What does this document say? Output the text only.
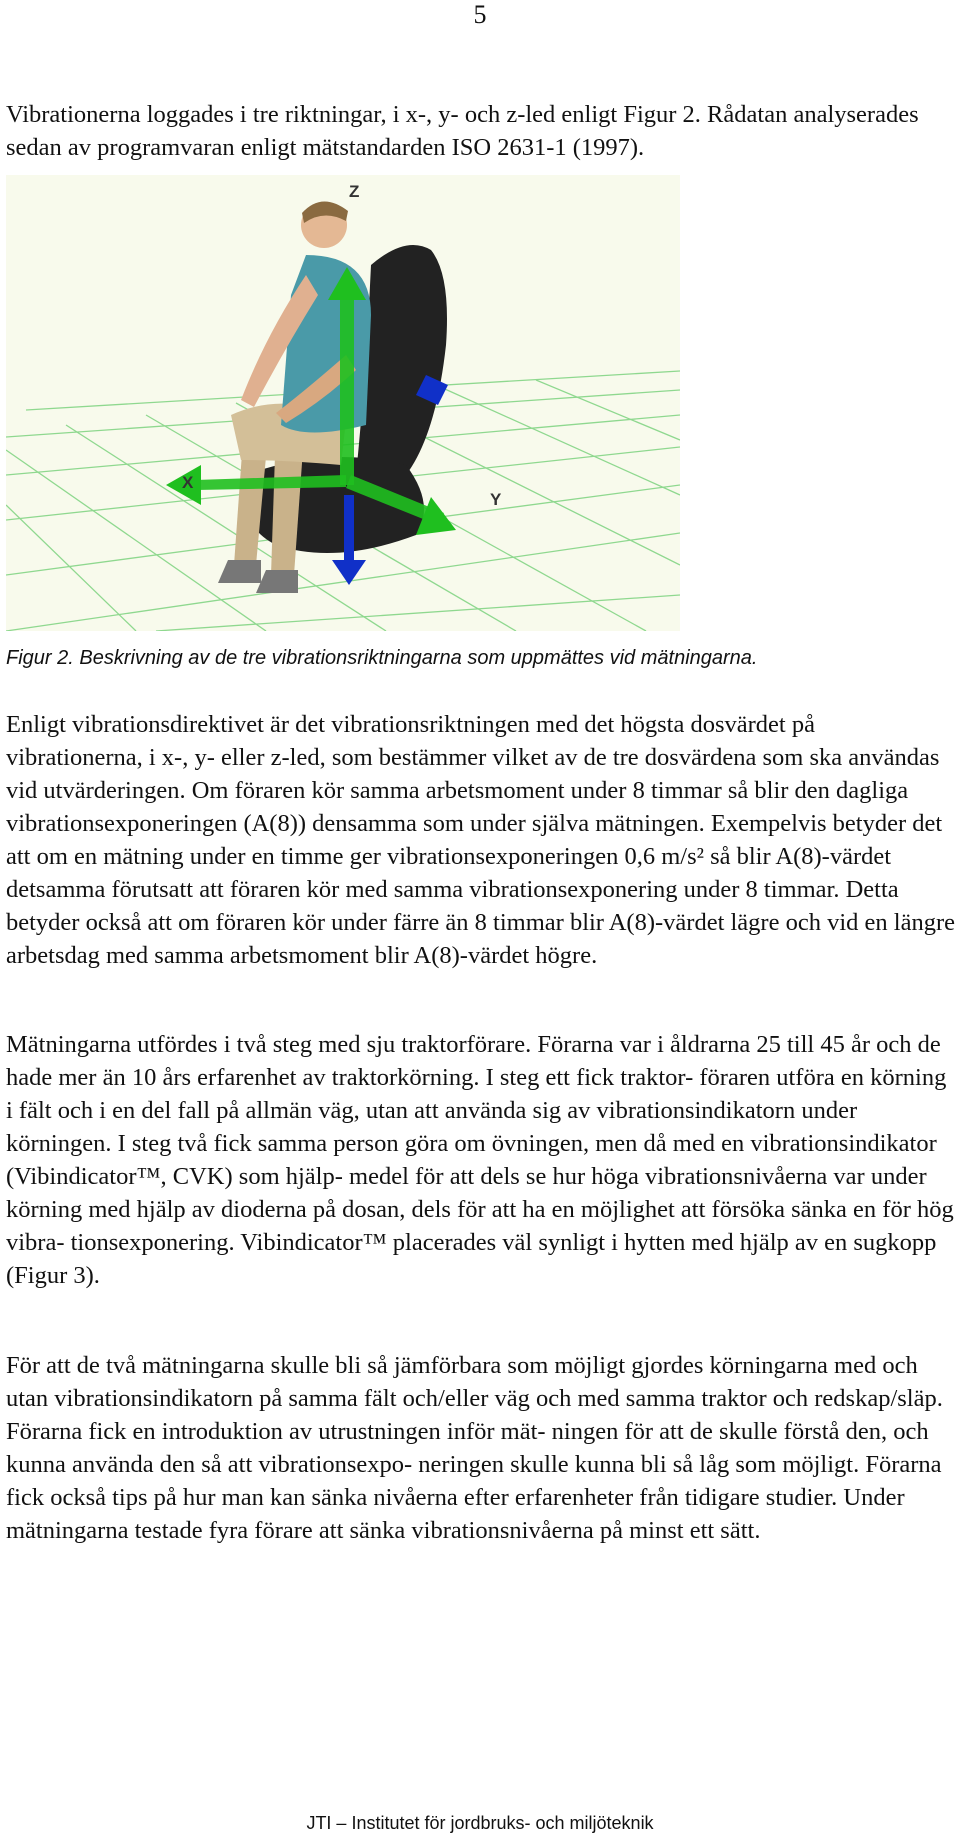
5

Vibrationerna loggades i tre riktningar, i x-, y- och z-led enligt Figur 2. Rådatan analyserades sedan av programvaran enligt mätstandarden ISO 2631-1 (1997).

Z
X
Y
Figur 2. Beskrivning av de tre vibrationsriktningarna som uppmättes vid mätningarna.

Enligt vibrationsdirektivet är det vibrationsriktningen med det högsta dosvärdet på vibrationerna, i x-, y- eller z-led, som bestämmer vilket av de tre dosvärdena som ska användas vid utvärderingen. Om föraren kör samma arbetsmoment under 8 timmar så blir den dagliga vibrationsexponeringen (A(8)) densamma som under själva mätningen. Exempelvis betyder det att om en mätning under en timme ger vibrationsexponeringen 0,6 m/s² så blir A(8)-värdet detsamma förutsatt att föraren kör med samma vibrationsexponering under 8 timmar. Detta betyder också att om föraren kör under färre än 8 timmar blir A(8)-värdet lägre och vid en längre arbetsdag med samma arbetsmoment blir A(8)-värdet högre.

Mätningarna utfördes i två steg med sju traktorförare. Förarna var i åldrarna 25 till 45 år och de hade mer än 10 års erfarenhet av traktorkörning. I steg ett fick traktor- föraren utföra en körning i fält och i en del fall på allmän väg, utan att använda sig av vibrationsindikatorn under körningen. I steg två fick samma person göra om övningen, men då med en vibrationsindikator (Vibindicator™, CVK) som hjälp- medel för att dels se hur höga vibrationsnivåerna var under körning med hjälp av dioderna på dosan, dels för att ha en möjlighet att försöka sänka en för hög vibra- tionsexponering. Vibindicator™ placerades väl synligt i hytten med hjälp av en sugkopp (Figur 3).

För att de två mätningarna skulle bli så jämförbara som möjligt gjordes körningarna med och utan vibrationsindikatorn på samma fält och/eller väg och med samma traktor och redskap/släp. Förarna fick en introduktion av utrustningen inför mät- ningen för att de skulle förstå den, och kunna använda den så att vibrationsexpo- neringen skulle kunna bli så låg som möjligt. Förarna fick också tips på hur man kan sänka nivåerna efter erfarenheter från tidigare studier. Under mätningarna testade fyra förare att sänka vibrationsnivåerna på minst ett sätt.

JTI – Institutet för jordbruks- och miljöteknik
